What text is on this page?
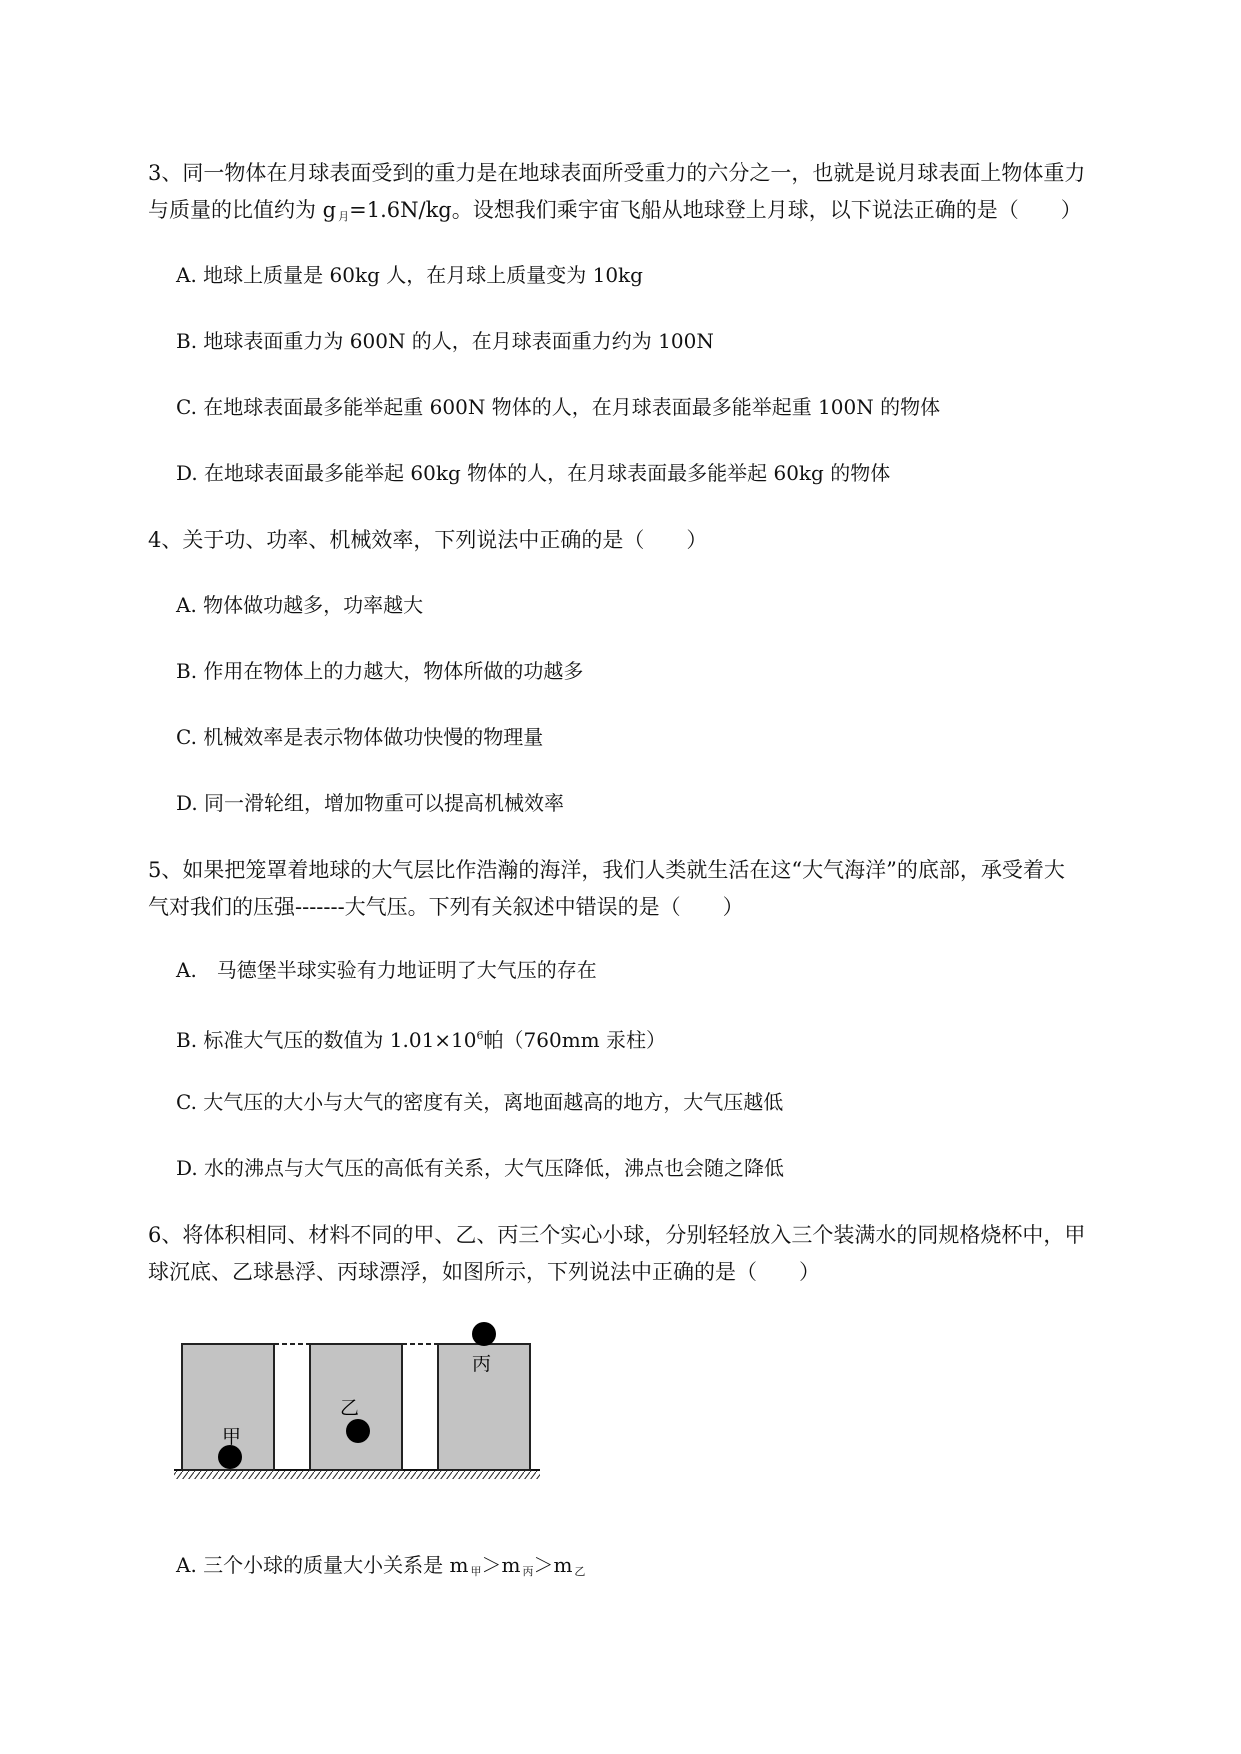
3、同一物体在月球表面受到的重力是在地球表面所受重力的六分之一，也就是说月球表面上物体重力
与质量的比值约为 g $_月$=1.6N/kg。设想我们乘宇宙飞船从地球登上月球，以下说法正确的是（　　）
A. 地球上质量是 60kg 人，在月球上质量变为 10kg
B. 地球表面重力为 600N 的人，在月球表面重力约为 100N
C. 在地球表面最多能举起重 600N 物体的人，在月球表面最多能举起重 100N 的物体
D. 在地球表面最多能举起 60kg 物体的人，在月球表面最多能举起 60kg 的物体
4、关于功、功率、机械效率，下列说法中正确的是（　　）
A. 物体做功越多，功率越大
B. 作用在物体上的力越大，物体所做的功越多
C. 机械效率是表示物体做功快慢的物理量
D. 同一滑轮组，增加物重可以提高机械效率
5、如果把笼罩着地球的大气层比作浩瀚的海洋，我们人类就生活在这“大气海洋”的底部，承受着大
气对我们的压强-------大气压。下列有关叙述中错误的是（　　）
A.　马德堡半球实验有力地证明了大气压的存在
B. 标准大气压的数值为 $1.01\times 10^6$帕（760mm 汞柱）
C. 大气压的大小与大气的密度有关，离地面越高的地方，大气压越低
D. 水的沸点与大气压的高低有关系，大气压降低，沸点也会随之降低
6、将体积相同、材料不同的甲、乙、丙三个实心小球，分别轻轻放入三个装满水的同规格烧杯中，甲
球沉底、乙球悬浮、丙球漂浮，如图所示，下列说法中正确的是（　　）
甲
乙
丙
A. 三个小球的质量大小关系是 m $_甲$＞m $_丙$＞m $_乙$
